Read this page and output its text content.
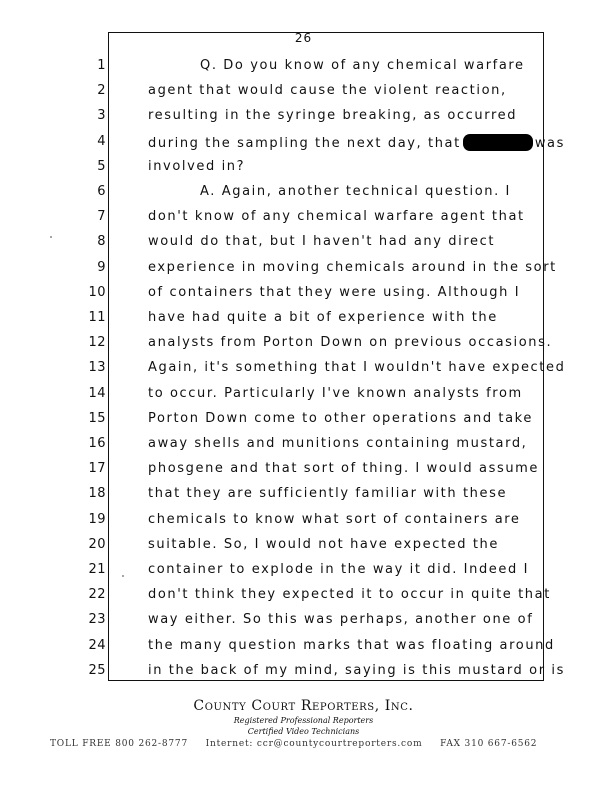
26
1	Q. Do you know of any chemical warfare
2	agent that would cause the violent reaction,
3	resulting in the syringe breaking, as occurred
4	during the sampling the next day, that	was
5	involved in?
6	A. Again, another technical question. I
7	don't know of any chemical warfare agent that
8	would do that, but I haven't had any direct
9	experience in moving chemicals around in the sort
10	of containers that they were using. Although I
11	have had quite a bit of experience with the
12	analysts from Porton Down on previous occasions.
13	Again, it's something that I wouldn't have expected
14	to occur. Particularly I've known analysts from
15	Porton Down come to other operations and take
16	away shells and munitions containing mustard,
17	phosgene and that sort of thing. I would assume
18	that they are sufficiently familiar with these
19	chemicals to know what sort of containers are
20	suitable. So, I would not have expected the
21	container to explode in the way it did. Indeed I
22	don't think they expected it to occur in quite that
23	way either. So this was perhaps, another one of
24	the many question marks that was floating around
25	in the back of my mind, saying is this mustard or is
County Court Reporters, Inc.
Registered Professional Reporters
Certified Video Technicians
TOLL FREE 800 262-8777 Internet: ccr@countycourtreporters.com FAX 310 667-6562
